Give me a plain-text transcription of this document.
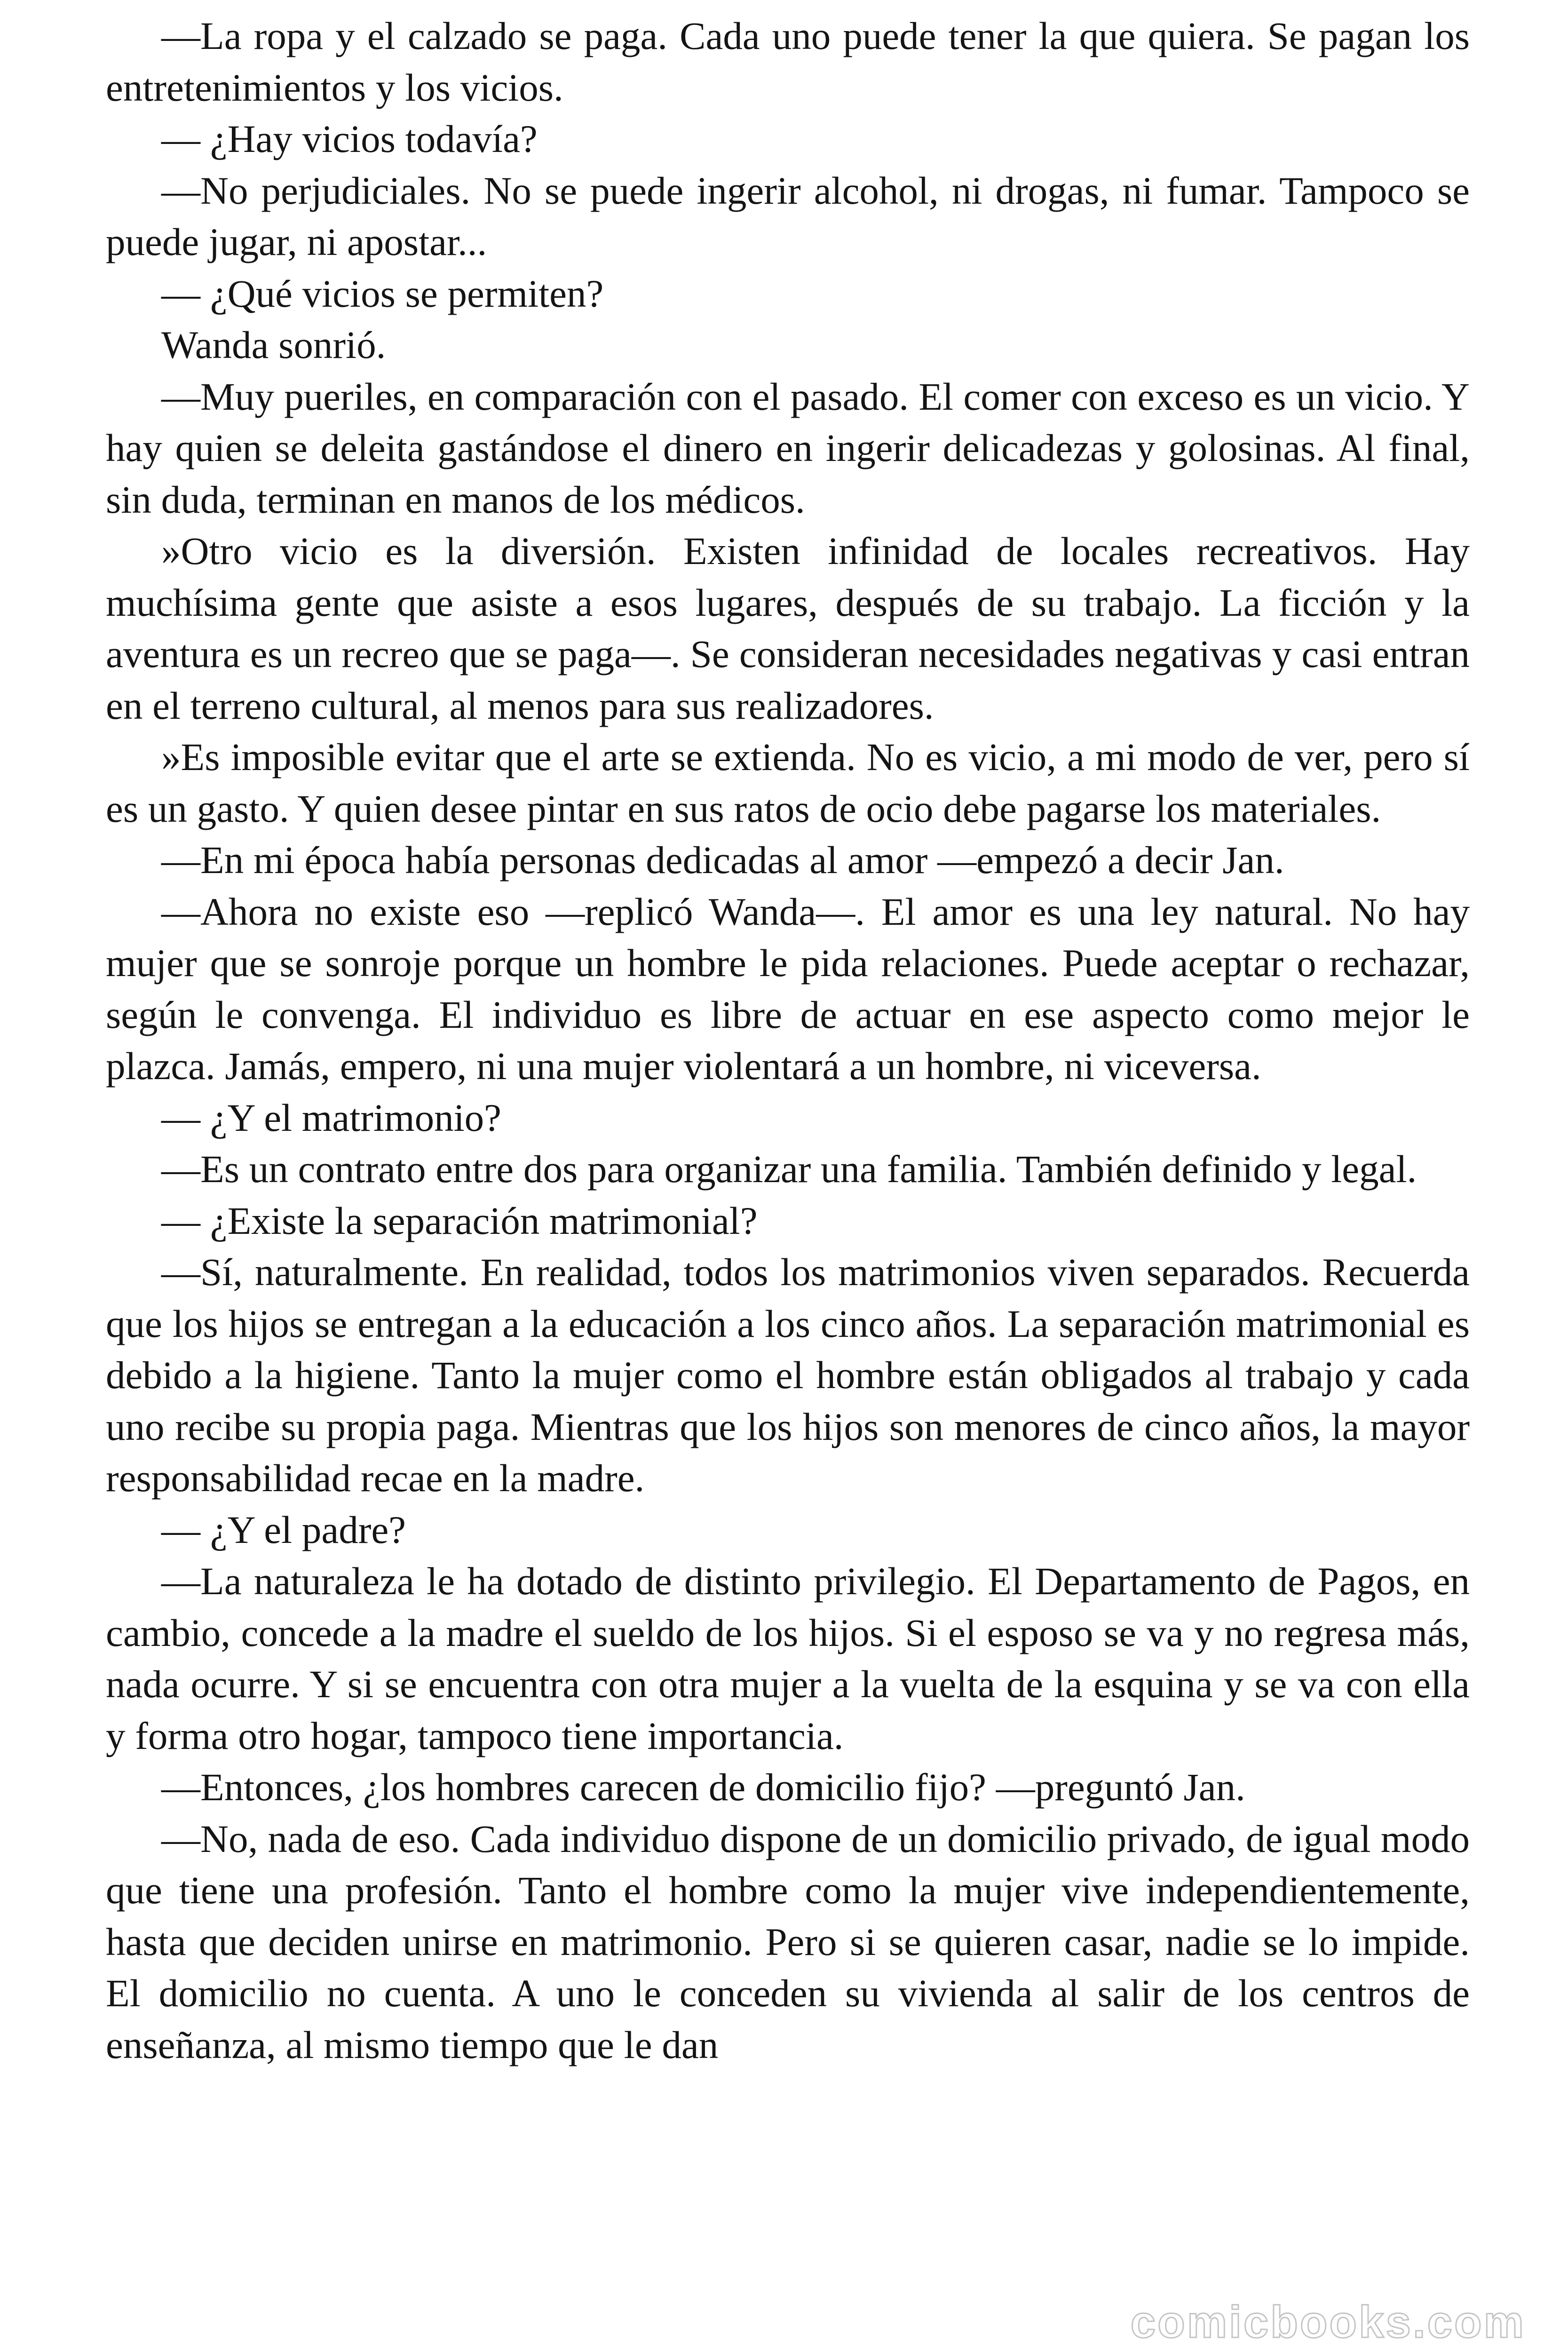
—La ropa y el calzado se paga. Cada uno puede tener la que quiera. Se pagan los entretenimientos y los vicios.

— ¿Hay vicios todavía?

—No perjudiciales. No se puede ingerir alcohol, ni drogas, ni fumar. Tampoco se puede jugar, ni apostar...

— ¿Qué vicios se permiten?

Wanda sonrió.

—Muy pueriles, en comparación con el pasado. El comer con exceso es un vicio. Y hay quien se deleita gastándose el dinero en ingerir delicadezas y golosinas. Al final, sin duda, terminan en manos de los médicos.

»Otro vicio es la diversión. Existen infinidad de locales recreativos. Hay muchísima gente que asiste a esos lugares, después de su trabajo. La ficción y la aventura es un recreo que se paga—. Se consideran necesidades negativas y casi entran en el terreno cultural, al menos para sus realizadores.

»Es imposible evitar que el arte se extienda. No es vicio, a mi modo de ver, pero sí es un gasto. Y quien desee pintar en sus ratos de ocio debe pagarse los materiales.

—En mi época había personas dedicadas al amor —empezó a decir Jan.

—Ahora no existe eso —replicó Wanda—. El amor es una ley natural. No hay mujer que se sonroje porque un hombre le pida relaciones. Puede aceptar o rechazar, según le convenga. El individuo es libre de actuar en ese aspecto como mejor le plazca. Jamás, empero, ni una mujer violentará a un hombre, ni viceversa.

— ¿Y el matrimonio?

—Es un contrato entre dos para organizar una familia. También definido y legal.

— ¿Existe la separación matrimonial?

—Sí, naturalmente. En realidad, todos los matrimonios viven separados. Recuerda que los hijos se entregan a la educación a los cinco años. La separación matrimonial es debido a la higiene. Tanto la mujer como el hombre están obligados al trabajo y cada uno recibe su propia paga. Mientras que los hijos son menores de cinco años, la mayor responsabilidad recae en la madre.

— ¿Y el padre?

—La naturaleza le ha dotado de distinto privilegio. El Departamento de Pagos, en cambio, concede a la madre el sueldo de los hijos. Si el esposo se va y no regresa más, nada ocurre. Y si se encuentra con otra mujer a la vuelta de la esquina y se va con ella y forma otro hogar, tampoco tiene importancia.

—Entonces, ¿los hombres carecen de domicilio fijo? —preguntó Jan.

—No, nada de eso. Cada individuo dispone de un domicilio privado, de igual modo que tiene una profesión. Tanto el hombre como la mujer vive independientemente, hasta que deciden unirse en matrimonio. Pero si se quieren casar, nadie se lo impide. El domicilio no cuenta. A uno le conceden su vivienda al salir de los centros de enseñanza, al mismo tiempo que le dan

comicbooks.com
